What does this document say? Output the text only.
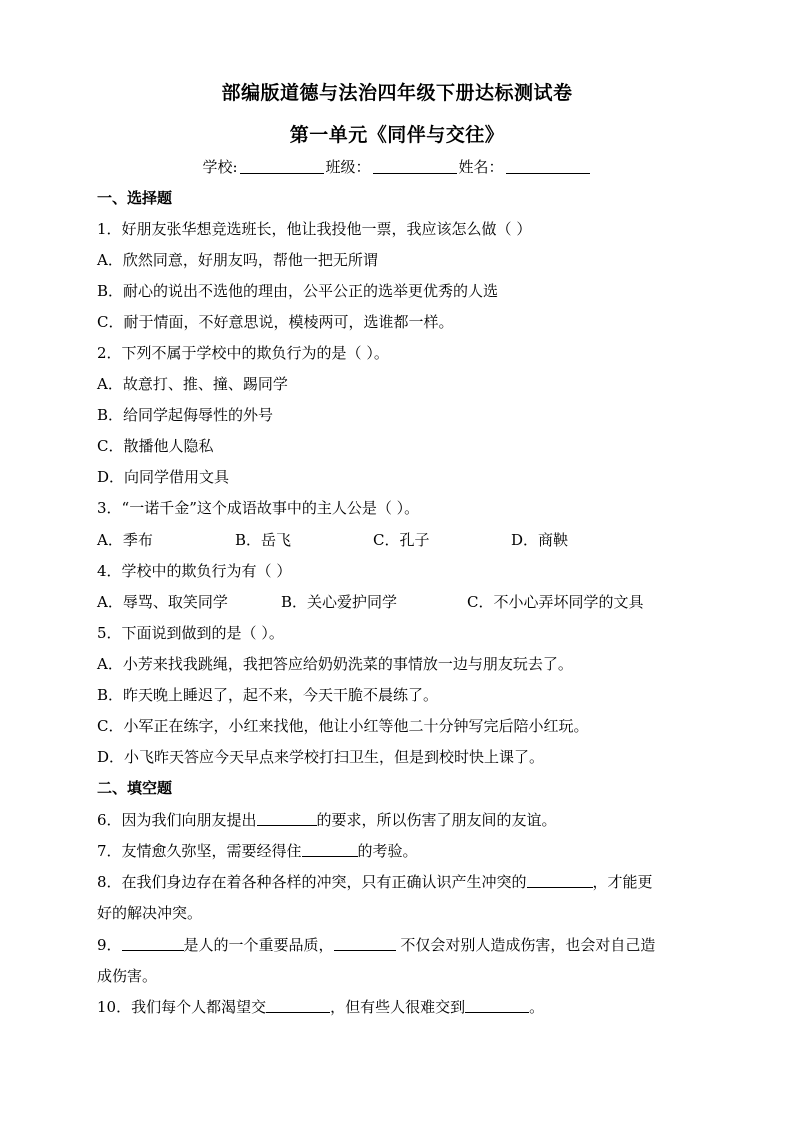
部编版道德与法治四年级下册达标测试卷
第一单元《同伴与交往》
学校:	班级：	姓名：
一、选择题
1．好朋友张华想竞选班长，他让我投他一票，我应该怎么做（ ）
A．欣然同意，好朋友吗，帮他一把无所谓
B．耐心的说出不选他的理由，公平公正的选举更优秀的人选
C．耐于情面，不好意思说，模棱两可，选谁都一样。
2．下列不属于学校中的欺负行为的是（ ）。
A．故意打、推、撞、踢同学
B．给同学起侮辱性的外号
C．散播他人隐私
D．向同学借用文具
3．“一诺千金”这个成语故事中的主人公是（ ）。
A．季布	B．岳飞	C．孔子	D．商鞅
4．学校中的欺负行为有（ ）
A．辱骂、取笑同学	B．关心爱护同学	C．不小心弄坏同学的文具
5．下面说到做到的是（ ）。
A．小芳来找我跳绳，我把答应给奶奶洗菜的事情放一边与朋友玩去了。
B．昨天晚上睡迟了，起不来，今天干脆不晨练了。
C．小军正在练字，小红来找他，他让小红等他二十分钟写完后陪小红玩。
D．小飞昨天答应今天早点来学校打扫卫生，但是到校时快上课了。
二、填空题
6．因为我们向朋友提出	的要求，所以伤害了朋友间的友谊。
7．友情愈久弥坚，需要经得住	的考验。
8．在我们身边存在着各种各样的冲突，只有正确认识产生冲突的	，才能更
好的解决冲突。
9．	是人的一个重要品质，	不仅会对别人造成伤害，也会对自己造
成伤害。
10．我们每个人都渴望交	，但有些人很难交到	。
